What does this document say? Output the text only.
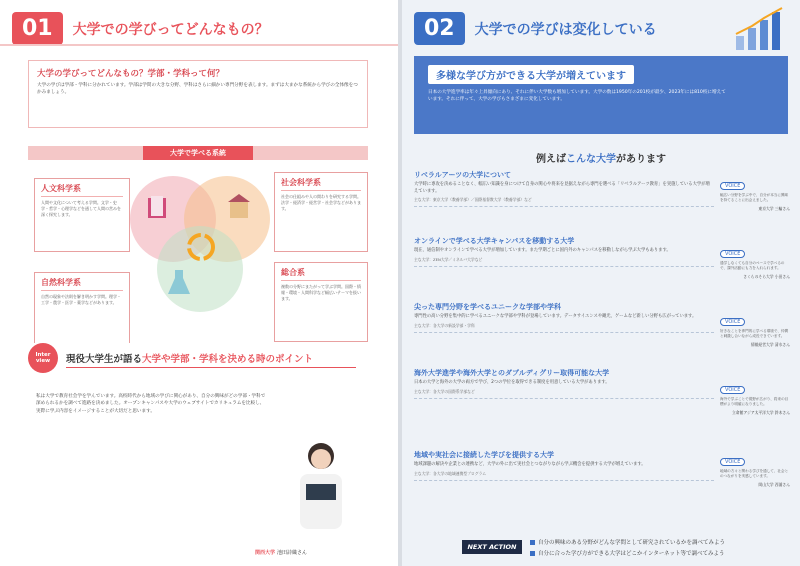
01	大学での学びってどんなもの？
大学の学びってどんなもの？学部・学科って何？

大学の学びは学部・学科に分かれています。学部は学問の大きな分野、学科はさらに細かい専門分野を表します。まずは大まかな系統から学びの全体像をつかみましょう。

大学で学べる系統
人文科学系

人間や文化について考える学問。文学・史学・哲学・心理学などを通して人間の営みを深く探究します。

社会科学系

社会の仕組みや人の関わりを研究する学問。法学・経済学・経営学・社会学などがあります。

自然科学系

自然の現象や法則を解き明かす学問。理学・工学・農学・医学・薬学などがあります。

総合系

複数の分野にまたがって学ぶ学問。国際・情報・環境・人間科学など幅広いテーマを扱います。

Inter view	現役大学生が語る大学や学部・学科を決める時のポイント

私は大学で教育社会学を学んでいます。高校時代から地域の学びに関心があり、自分の興味がどの学部・学科で深められるかを調べて進路を決めました。オープンキャンパスや大学のウェブサイトでカリキュラムを比較し、実際に学ぶ内容をイメージすることが大切だと思います。

関西大学 池田詩織さん
02	大学での学びは変化している
多様な学び方ができる大学が増えています

日本の大学進学率は年々上昇傾向にあり、それに伴い大学数も増加しています。大学の数は1950年の201校が最少、2023年には810校に増えています。それに伴って、大学の学びもさまざまに変化しています。

例えばこんな大学があります
リベラルアーツの大学について

大学時に専攻を決めることなく、幅広い知識を身につけて自身の関心や将来を見据えながら専門を選べる「リベラルアーツ教育」を実施している大学が増えています。

主な大学：東京大学（教養学部）／国際基督教大学（教養学部）など
オンラインで学べる大学キャンパスを移動する大学

現在、通信制やオンラインで学べる大学が増加しています。また学期ごとに国内外のキャンパスを移動しながら学ぶ大学もあります。

主な大学：ZEN大学／ミネルバ大学など
尖った専門分野を学べるユニークな学部や学科

専門性の高い分野を集中的に学べるユニークな学部や学科が登場しています。データサイエンスや観光、ゲームなど新しい分野も広がっています。

主な大学：各大学の新設学部・学科
海外大学進学や海外大学とのダブルディグリー取得可能な大学

日本の大学と海外の大学の両方で学び、2つの学位を取得できる制度を用意している大学があります。

主な大学：各大学の国際系学部など
地域や実社会に接続した学びを提供する大学

地域課題の解決や企業との連携など、大学の外に出て実社会とつながりながら学ぶ機会を提供する大学が増えています。

主な大学：各大学の地域連携型プログラム
VOICE

幅広い分野を学ぶ中で、自分が本当に興味を持てることに出会えました。

東京大学 三輪さん
VOICE

通学しなくても自分のペースで学べるので、課外活動にも力を入れられます。

さくらのそら大学 小田さん
VOICE

好きなことを専門的に学べる環境で、仲間と刺激し合いながら成長できています。

情報経営大学 清水さん
VOICE

海外で学ぶことで視野が広がり、将来の目標がより明確になりました。

立命館アジア太平洋大学 鈴木さん
VOICE

地域の方々と関わる学びを通して、社会とのつながりを実感しています。

岡山大学 西浦さん
NEXT ACTION	自分の興味のある分野がどんな学問として研究されているかを調べてみよう
自分に合った学び方ができる大学はどこかインターネット等で調べてみよう
